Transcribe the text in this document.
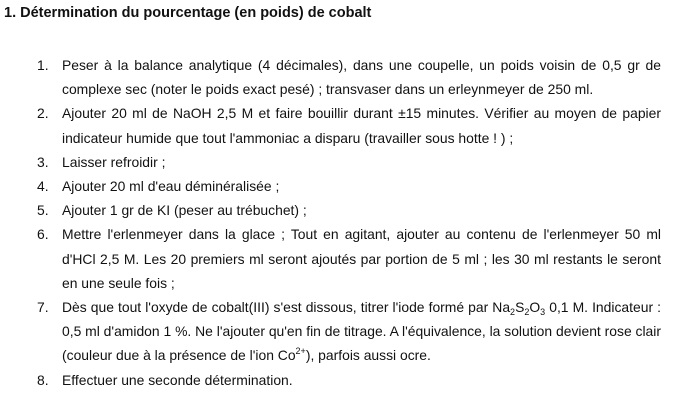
1. Détermination du pourcentage (en poids) de cobalt
1. Peser à la balance analytique (4 décimales), dans une coupelle, un poids voisin de 0,5 gr de complexe sec (noter le poids exact pesé) ; transvaser dans un erleynmeyer de 250 ml.
2. Ajouter 20 ml de NaOH 2,5 M et faire bouillir durant ±15 minutes. Vérifier au moyen de papier indicateur humide que tout l'ammoniac a disparu (travailler sous hotte ! ) ;
3. Laisser refroidir ;
4. Ajouter 20 ml d'eau déminéralisée ;
5. Ajouter 1 gr de KI (peser au trébuchet) ;
6. Mettre l'erlenmeyer dans la glace ; Tout en agitant, ajouter au contenu de l'erlenmeyer 50 ml d'HCl 2,5 M. Les 20 premiers ml seront ajoutés par portion de 5 ml ; les 30 ml restants le seront en une seule fois ;
7. Dès que tout l'oxyde de cobalt(III) s'est dissous, titrer l'iode formé par $Na_2S_2O_3$ 0,1 M. Indicateur : 0,5 ml d'amidon 1 %. Ne l'ajouter qu'en fin de titrage. A l'équivalence, la solution devient rose clair (couleur due à la présence de l'ion $Co^{2+}$), parfois aussi ocre.
8. Effectuer une seconde détermination.
